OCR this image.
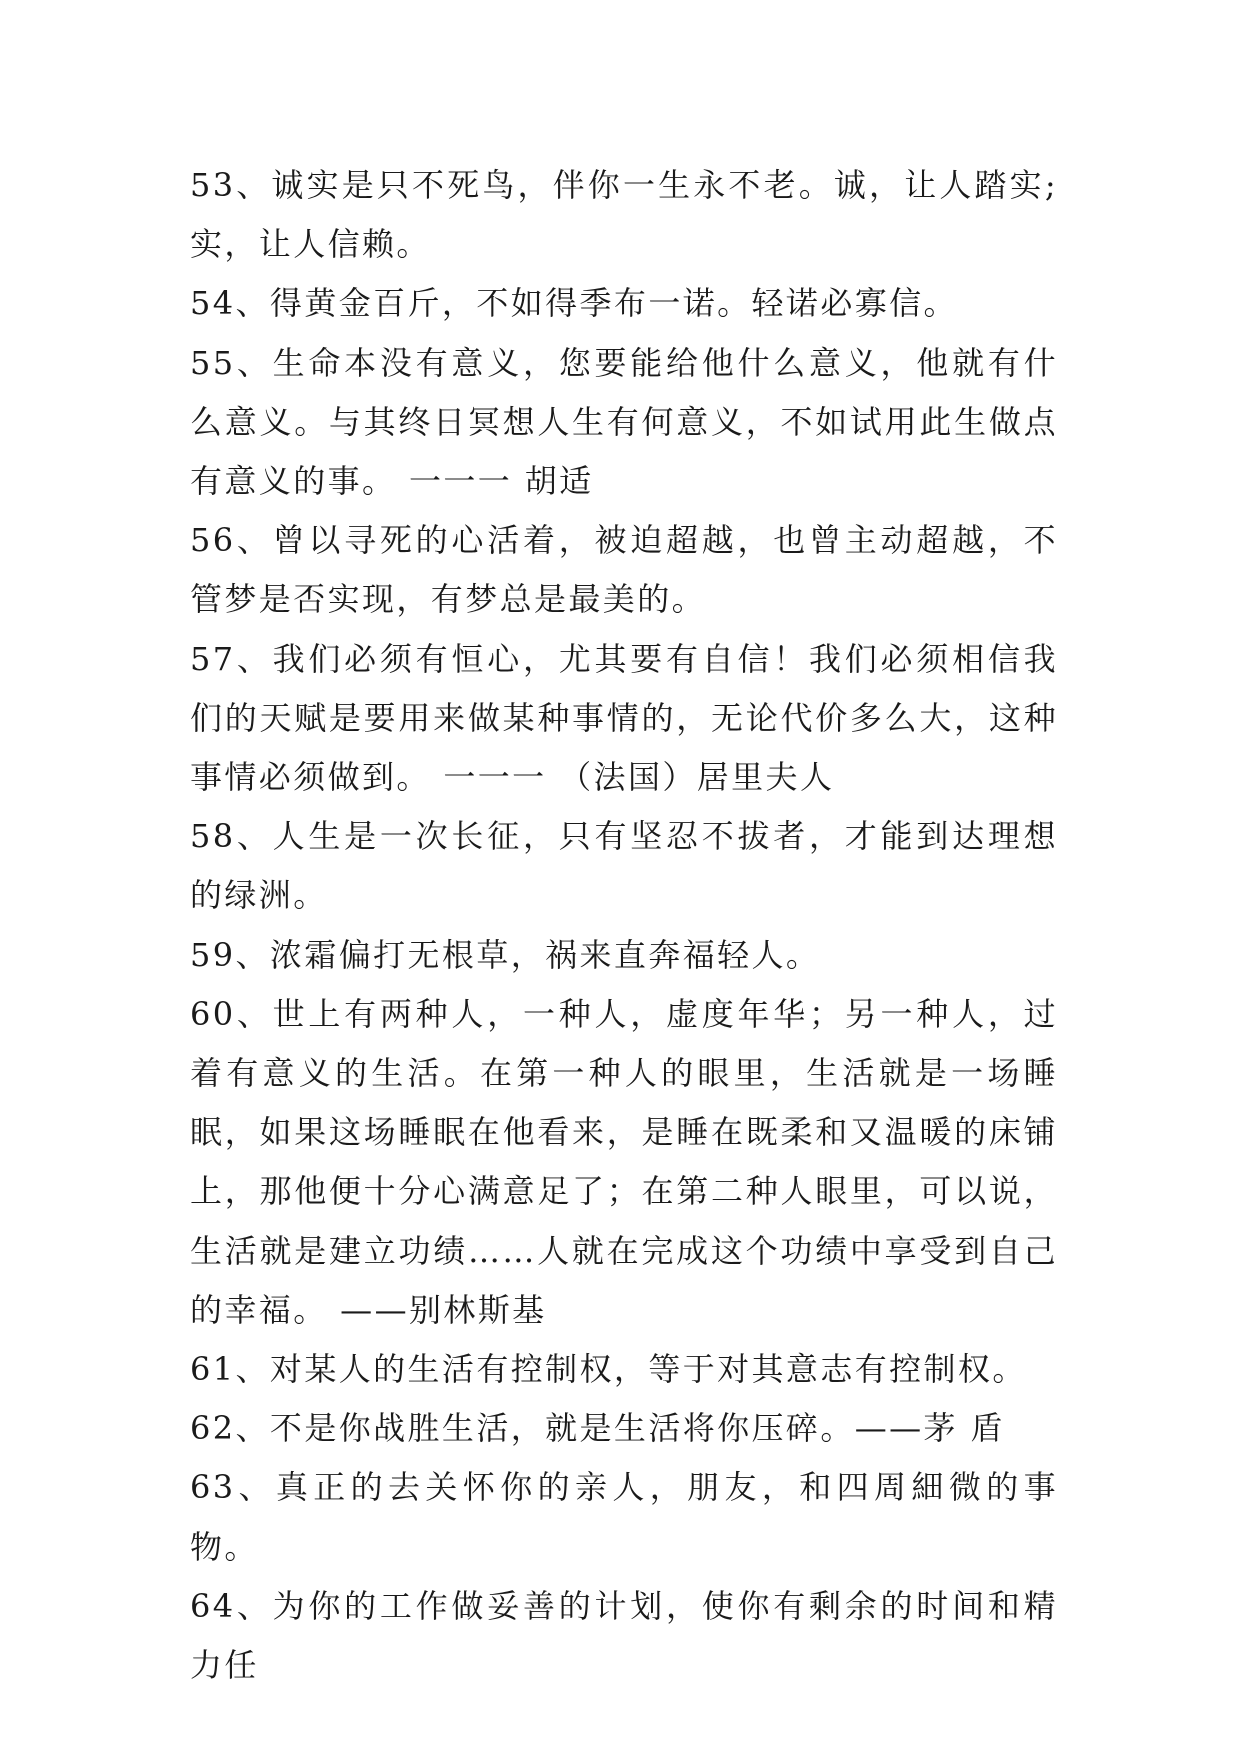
53、诚实是只不死鸟，伴你一生永不老。诚，让人踏实;实，让人信赖。

54、得黄金百斤，不如得季布一诺。轻诺必寡信。

55、生命本没有意义，您要能给他什么意义，他就有什么意义。与其终日冥想人生有何意义，不如试用此生做点有意义的事。 一一一 胡适

56、曾以寻死的心活着，被迫超越，也曾主动超越，不管梦是否实现，有梦总是最美的。

57、我们必须有恒心，尤其要有自信！我们必须相信我们的天赋是要用来做某种事情的，无论代价多么大，这种事情必须做到。 一一一 （法国）居里夫人

58、人生是一次长征，只有坚忍不拔者，才能到达理想的绿洲。

59、浓霜偏打无根草，祸来直奔福轻人。

60、世上有两种人，一种人，虚度年华；另一种人，过着有意义的生活。在第一种人的眼里，生活就是一场睡眠，如果这场睡眠在他看来，是睡在既柔和又温暖的床铺上，那他便十分心满意足了；在第二种人眼里，可以说，生活就是建立功绩……人就在完成这个功绩中享受到自己的幸福。 ——别林斯基

61、对某人的生活有控制权，等于对其意志有控制权。

62、不是你战胜生活，就是生活将你压碎。——茅 盾

63、真正的去关怀你的亲人，朋友，和四周細微的事物。

64、为你的工作做妥善的计划，使你有剩余的时间和精力任
